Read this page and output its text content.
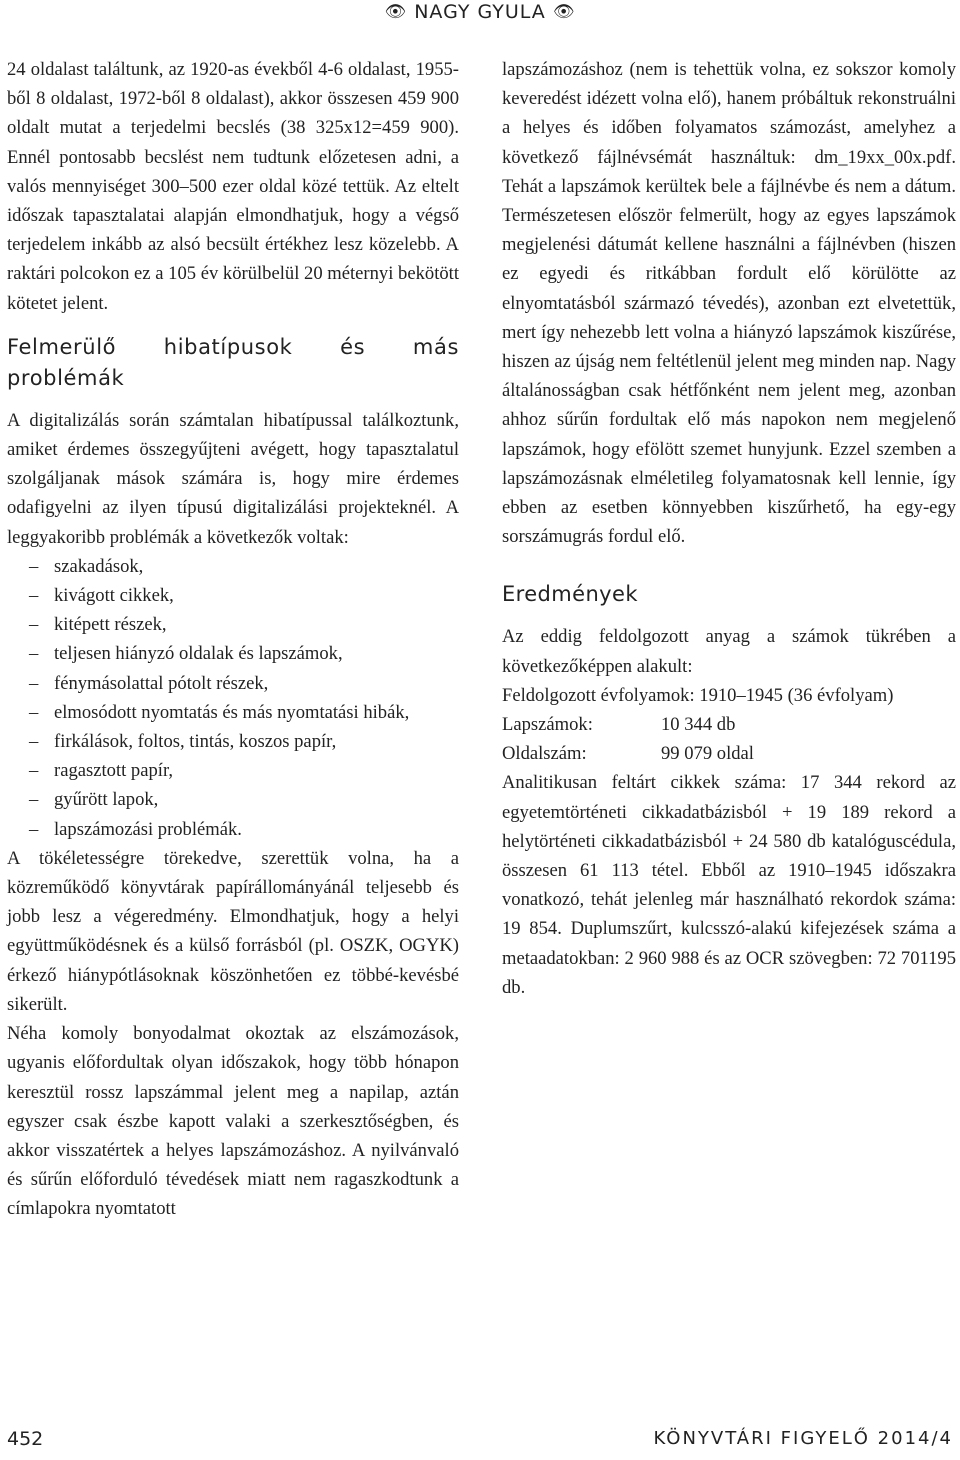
👁 NAGY GYULA 👁

24 oldalast találtunk, az 1920-as évekből 4-6 oldalast, 1955-ből 8 oldalast, 1972-ből 8 oldalast), akkor összesen 459 900 oldalt mutat a terjedelmi becslés (38 325x12=459 900). Ennél pontosabb becslést nem tudtunk előzetesen adni, a valós mennyiséget 300–500 ezer oldal közé tettük. Az eltelt időszak tapasztalatai alapján elmondhatjuk, hogy a végső terjedelem inkább az alsó becsült értékhez lesz közelebb. A raktári polcokon ez a 105 év körülbelül 20 méternyi bekötött kötetet jelent.

Felmerülő hibatípusok és más problémák

A digitalizálás során számtalan hibatípussal találkoztunk, amiket érdemes összegyűjteni avégett, hogy tapasztalatul szolgáljanak mások számára is, hogy mire érdemes odafigyelni az ilyen típusú digitalizálási projekteknél. A leggyakoribb problémák a következők voltak:

– szakadások,
– kivágott cikkek,
– kitépett részek,
– teljesen hiányzó oldalak és lapszámok,
– fénymásolattal pótolt részek,
– elmosódott nyomtatás és más nyomtatási hibák,
– firkálások, foltos, tintás, koszos papír,
– ragasztott papír,
– gyűrött lapok,
– lapszámozási problémák.

A tökéletességre törekedve, szerettük volna, ha a közreműködő könyvtárak papírállományánál teljesebb és jobb lesz a végeredmény. Elmondhatjuk, hogy a helyi együttműködésnek és a külső forrásból (pl. OSZK, OGYK) érkező hiánypótlásoknak köszönhetően ez többé-kevésbé sikerült.

Néha komoly bonyodalmat okoztak az elszámozások, ugyanis előfordultak olyan időszakok, hogy több hónapon keresztül rossz lapszámmal jelent meg a napilap, aztán egyszer csak észbe kapott valaki a szerkesztőségben, és akkor visszatértek a helyes lapszámozáshoz. A nyilvánvaló és sűrűn előforduló tévedések miatt nem ragaszkodtunk a címlapokra nyomtatott

lapszámozáshoz (nem is tehettük volna, ez sokszor komoly keveredést idézett volna elő), hanem próbáltuk rekonstruálni a helyes és időben folyamatos számozást, amelyhez a következő fájlnévsémát használtuk: dm_19xx_00x.pdf. Tehát a lapszámok kerültek bele a fájlnévbe és nem a dátum. Természetesen először felmerült, hogy az egyes lapszámok megjelenési dátumát kellene használni a fájlnévben (hiszen ez egyedi és ritkábban fordult elő körülötte az elnyomtatásból származó tévedés), azonban ezt elvetettük, mert így nehezebb lett volna a hiányzó lapszámok kiszűrése, hiszen az újság nem feltétlenül jelent meg minden nap. Nagy általánosságban csak hétfőnként nem jelent meg, azonban ahhoz sűrűn fordultak elő más napokon nem megjelenő lapszámok, hogy efölött szemet hunyjunk. Ezzel szemben a lapszámozásnak elméletileg folyamatosnak kell lennie, így ebben az esetben könnyebben kiszűrhető, ha egy-egy sorszámugrás fordul elő.

Eredmények

Az eddig feldolgozott anyag a számok tükrében a következőképpen alakult:

Feldolgozott évfolyamok: 1910–1945 (36 évfolyam)

Lapszámok:	10 344 db
Oldalszám:	99 079 oldal

Analitikusan feltárt cikkek száma: 17 344 rekord az egyetemtörténeti cikkadatbázisból + 19 189 rekord a helytörténeti cikkadatbázisból + 24 580 db katalóguscédula, összesen 61 113 tétel. Ebből az 1910–1945 időszakra vonatkozó, tehát jelenleg már használható rekordok száma: 19 854. Duplumszűrt, kulcsszó-alakú kifejezések száma a metaadatokban: 2 960 988 és az OCR szövegben: 72 701195 db.

452	KÖNYVTÁRI FIGYELŐ 2014/4
